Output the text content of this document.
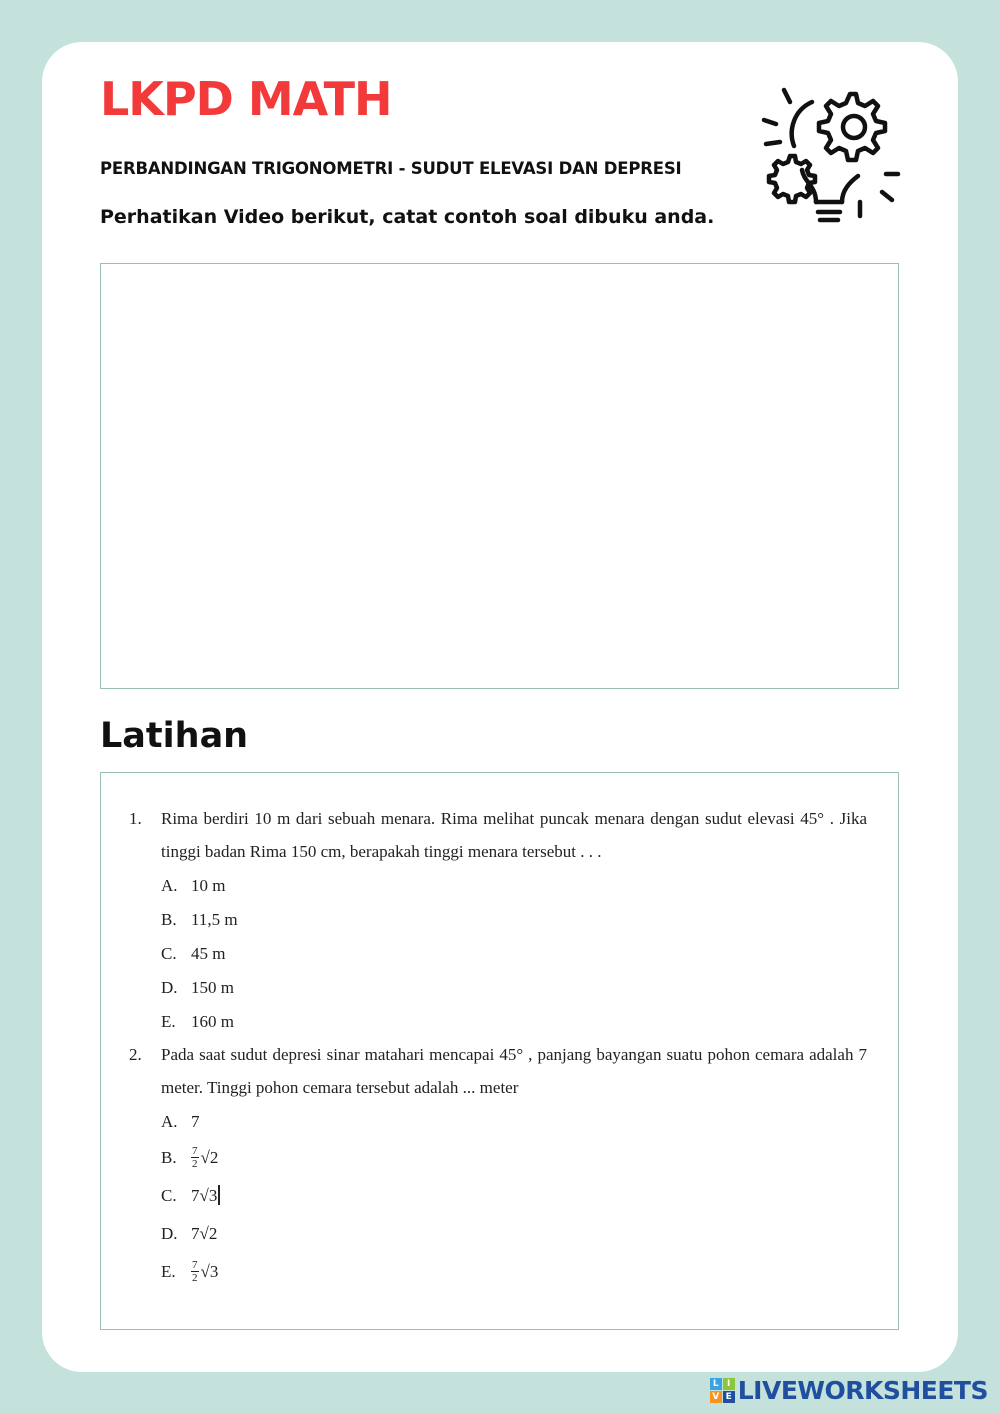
LKPD MATH

PERBANDINGAN TRIGONOMETRI - SUDUT ELEVASI DAN DEPRESI

Perhatikan Video berikut, catat contoh soal dibuku anda.

Latihan
1.	Rima berdiri 10 m dari sebuah menara. Rima melihat puncak menara dengan sudut elevasi 45° . Jika tinggi badan Rima 150 cm, berapakah tinggi menara tersebut . . .
A. 10 m
B. 11,5 m
C. 45 m
D. 150 m
E. 160 m
2.	Pada saat sudut depresi sinar matahari mencapai 45° , panjang bayangan suatu pohon cemara adalah 7 meter. Tinggi pohon cemara tersebut adalah ... meter
A. 7
B.	$\frac{7}{2} √2$
C. 7√3
D. 7√2
E.	$\frac{7}{2} √3$
L I
V E LIVEWORKSHEETS
